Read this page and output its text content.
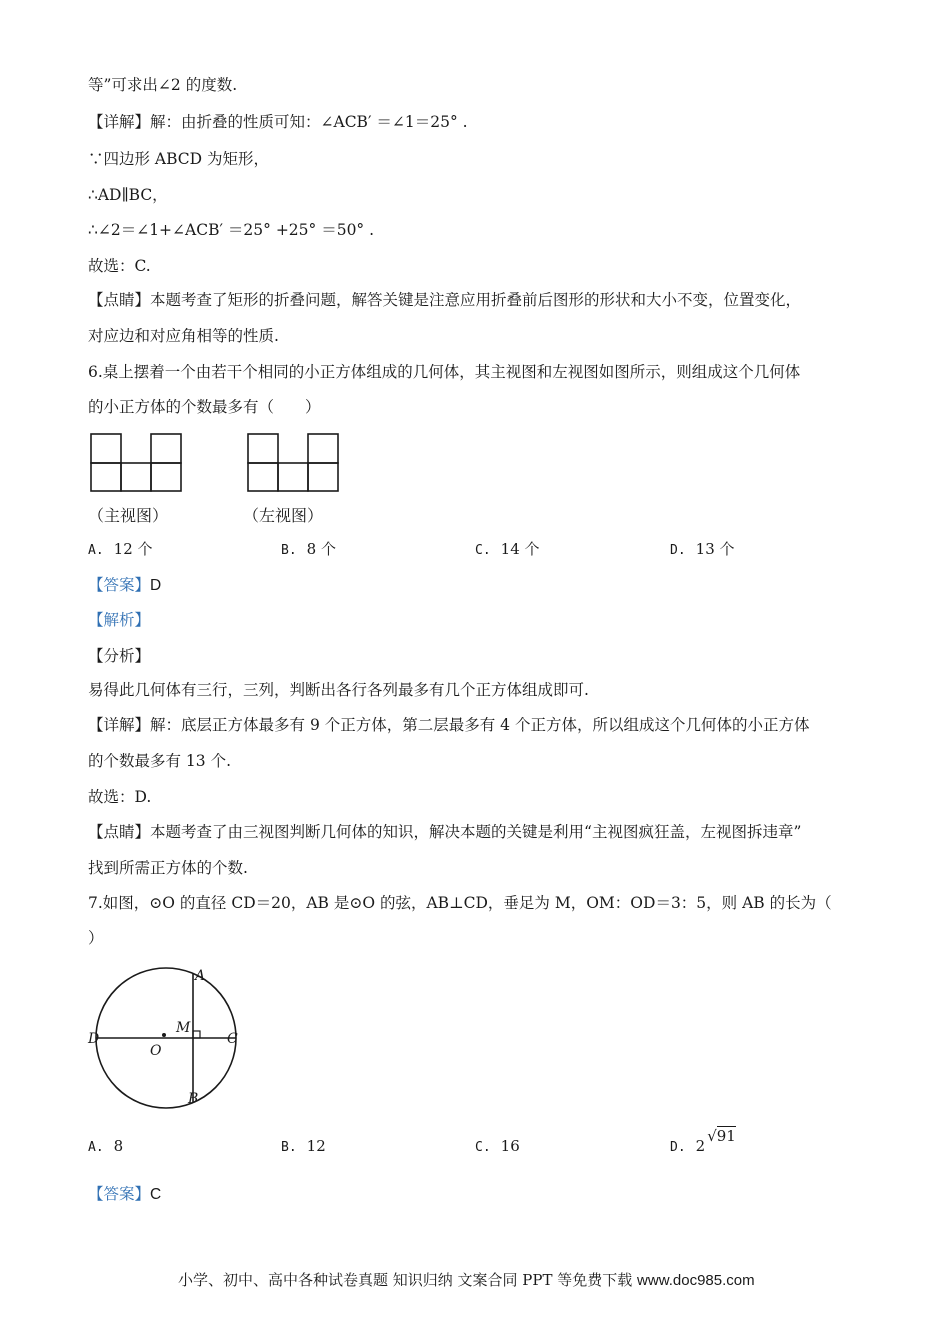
等”可求出∠2 的度数.
【详解】解：由折叠的性质可知：∠ACB′ ＝∠1＝25° .
∵四边形 ABCD 为矩形，
∴AD∥BC，
∴∠2＝∠1+∠ACB′ ＝25° +25° ＝50° .
故选：C.
【点睛】本题考查了矩形的折叠问题，解答关键是注意应用折叠前后图形的形状和大小不变，位置变化，
对应边和对应角相等的性质.
6.桌上摆着一个由若干个相同的小正方体组成的几何体，其主视图和左视图如图所示，则组成这个几何体
的小正方体的个数最多有（　　）
（主视图）	（左视图）
A. 12 个	B. 8 个	C. 14 个	D. 13 个
【答案】D
【解析】
【分析】
易得此几何体有三行，三列，判断出各行各列最多有几个正方体组成即可.
【详解】解：底层正方体最多有 9 个正方体，第二层最多有 4 个正方体，所以组成这个几何体的小正方体
的个数最多有 13 个.
故选：D.
【点睛】本题考查了由三视图判断几何体的知识，解决本题的关键是利用“主视图疯狂盖，左视图拆违章”
找到所需正方体的个数.
7.如图，⊙O 的直径 CD＝20，AB 是⊙O 的弦，AB⊥CD，垂足为 M，OM：OD＝3：5，则 AB 的长为（
）
A
B
C
D
O
M
A. 8	B. 12	C. 16	D. 2√91
【答案】C
小学、初中、高中各种试卷真题 知识归纳 文案合同 PPT 等免费下载 www.doc985.com
